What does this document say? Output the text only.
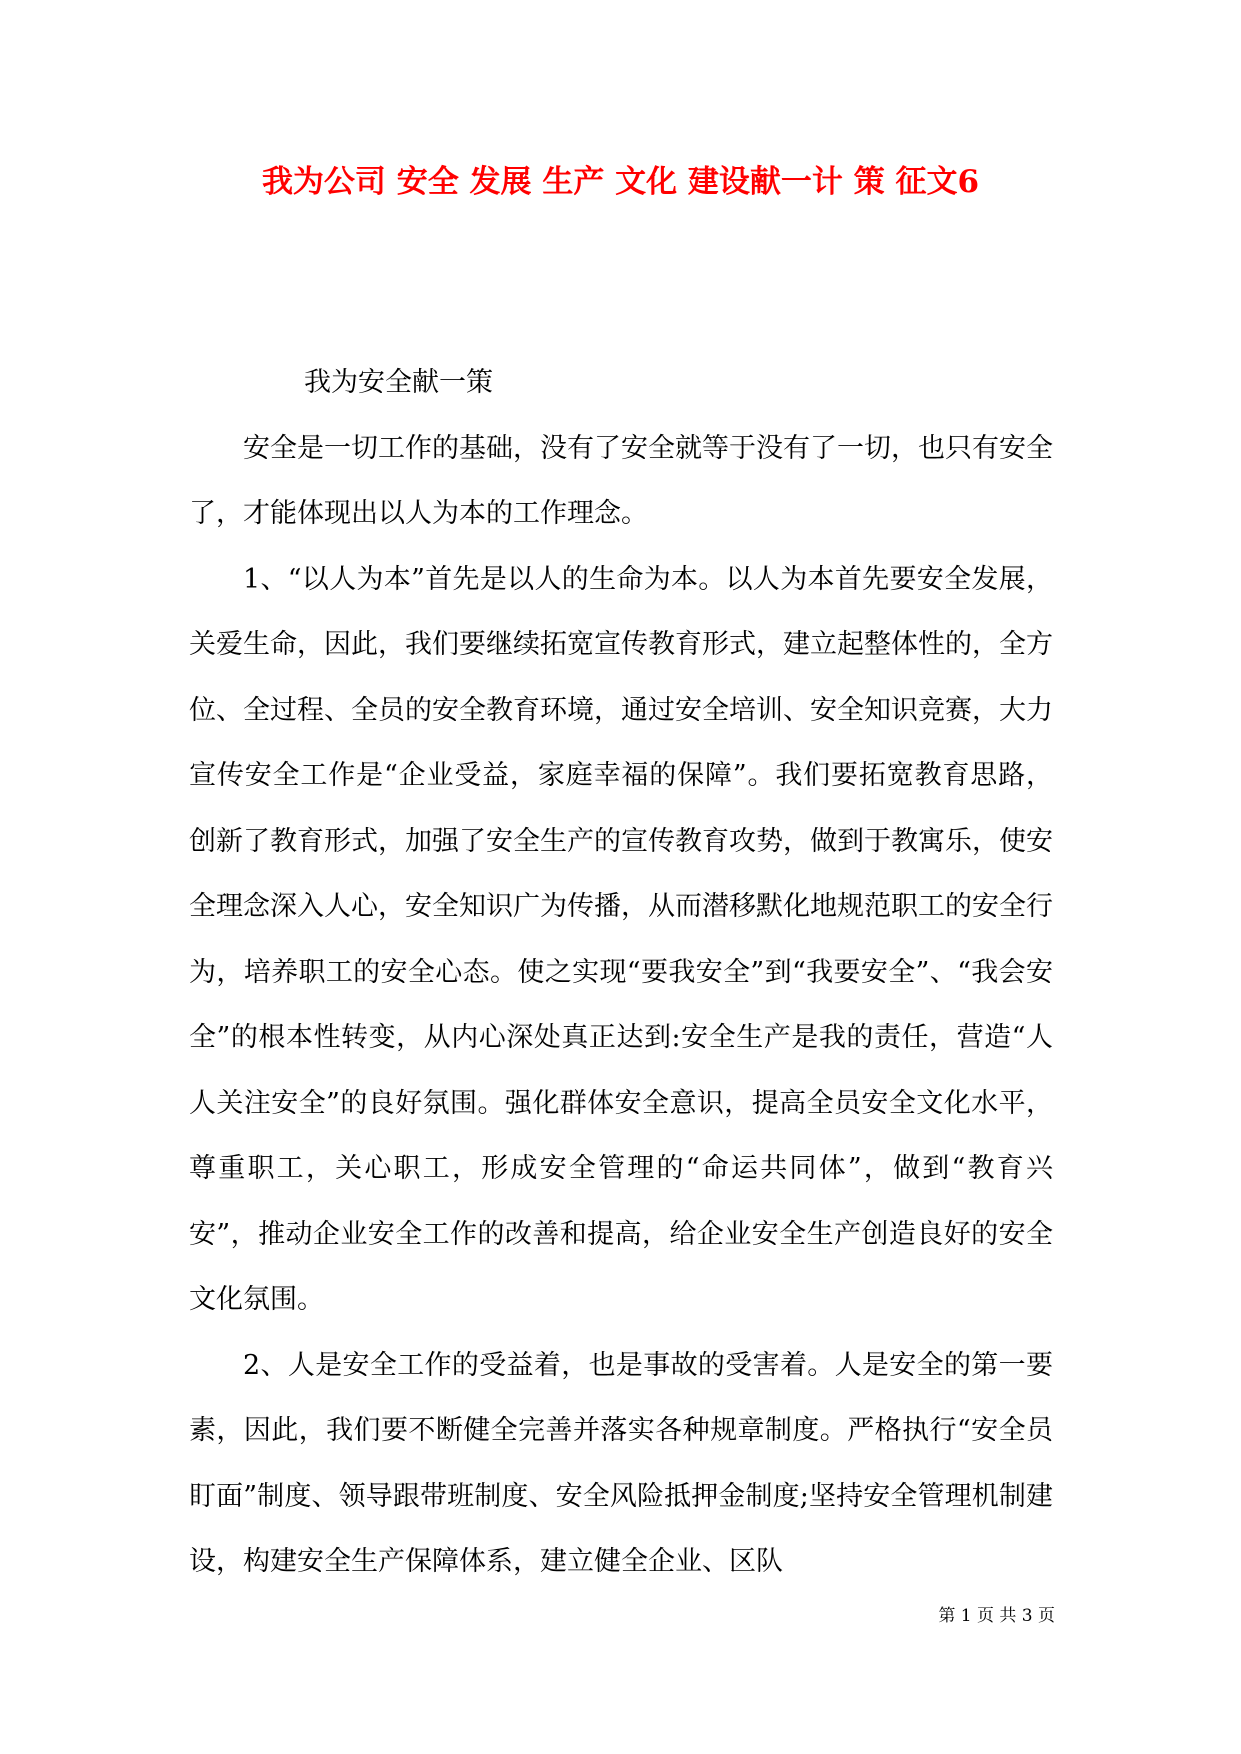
我为公司 安全 发展 生产 文化 建设献一计 策 征文6

我为安全献一策

安全是一切工作的基础，没有了安全就等于没有了一切，也只有安全了，才能体现出以人为本的工作理念。

1、“以人为本”首先是以人的生命为本。以人为本首先要安全发展，关爱生命，因此，我们要继续拓宽宣传教育形式，建立起整体性的，全方位、全过程、全员的安全教育环境，通过安全培训、安全知识竞赛，大力宣传安全工作是“企业受益，家庭幸福的保障”。我们要拓宽教育思路，创新了教育形式，加强了安全生产的宣传教育攻势，做到于教寓乐，使安全理念深入人心，安全知识广为传播，从而潜移默化地规范职工的安全行为，培养职工的安全心态。使之实现“要我安全”到“我要安全”、“我会安全”的根本性转变，从内心深处真正达到:安全生产是我的责任，营造“人人关注安全”的良好氛围。强化群体安全意识，提高全员安全文化水平，尊重职工，关心职工，形成安全管理的“命运共同体”，做到“教育兴安”，推动企业安全工作的改善和提高，给企业安全生产创造良好的安全文化氛围。

2、人是安全工作的受益着，也是事故的受害着。人是安全的第一要素，因此，我们要不断健全完善并落实各种规章制度。严格执行“安全员盯面”制度、领导跟带班制度、安全风险抵押金制度;坚持安全管理机制建设，构建安全生产保障体系，建立健全企业、区队

第 1 页 共 3 页
